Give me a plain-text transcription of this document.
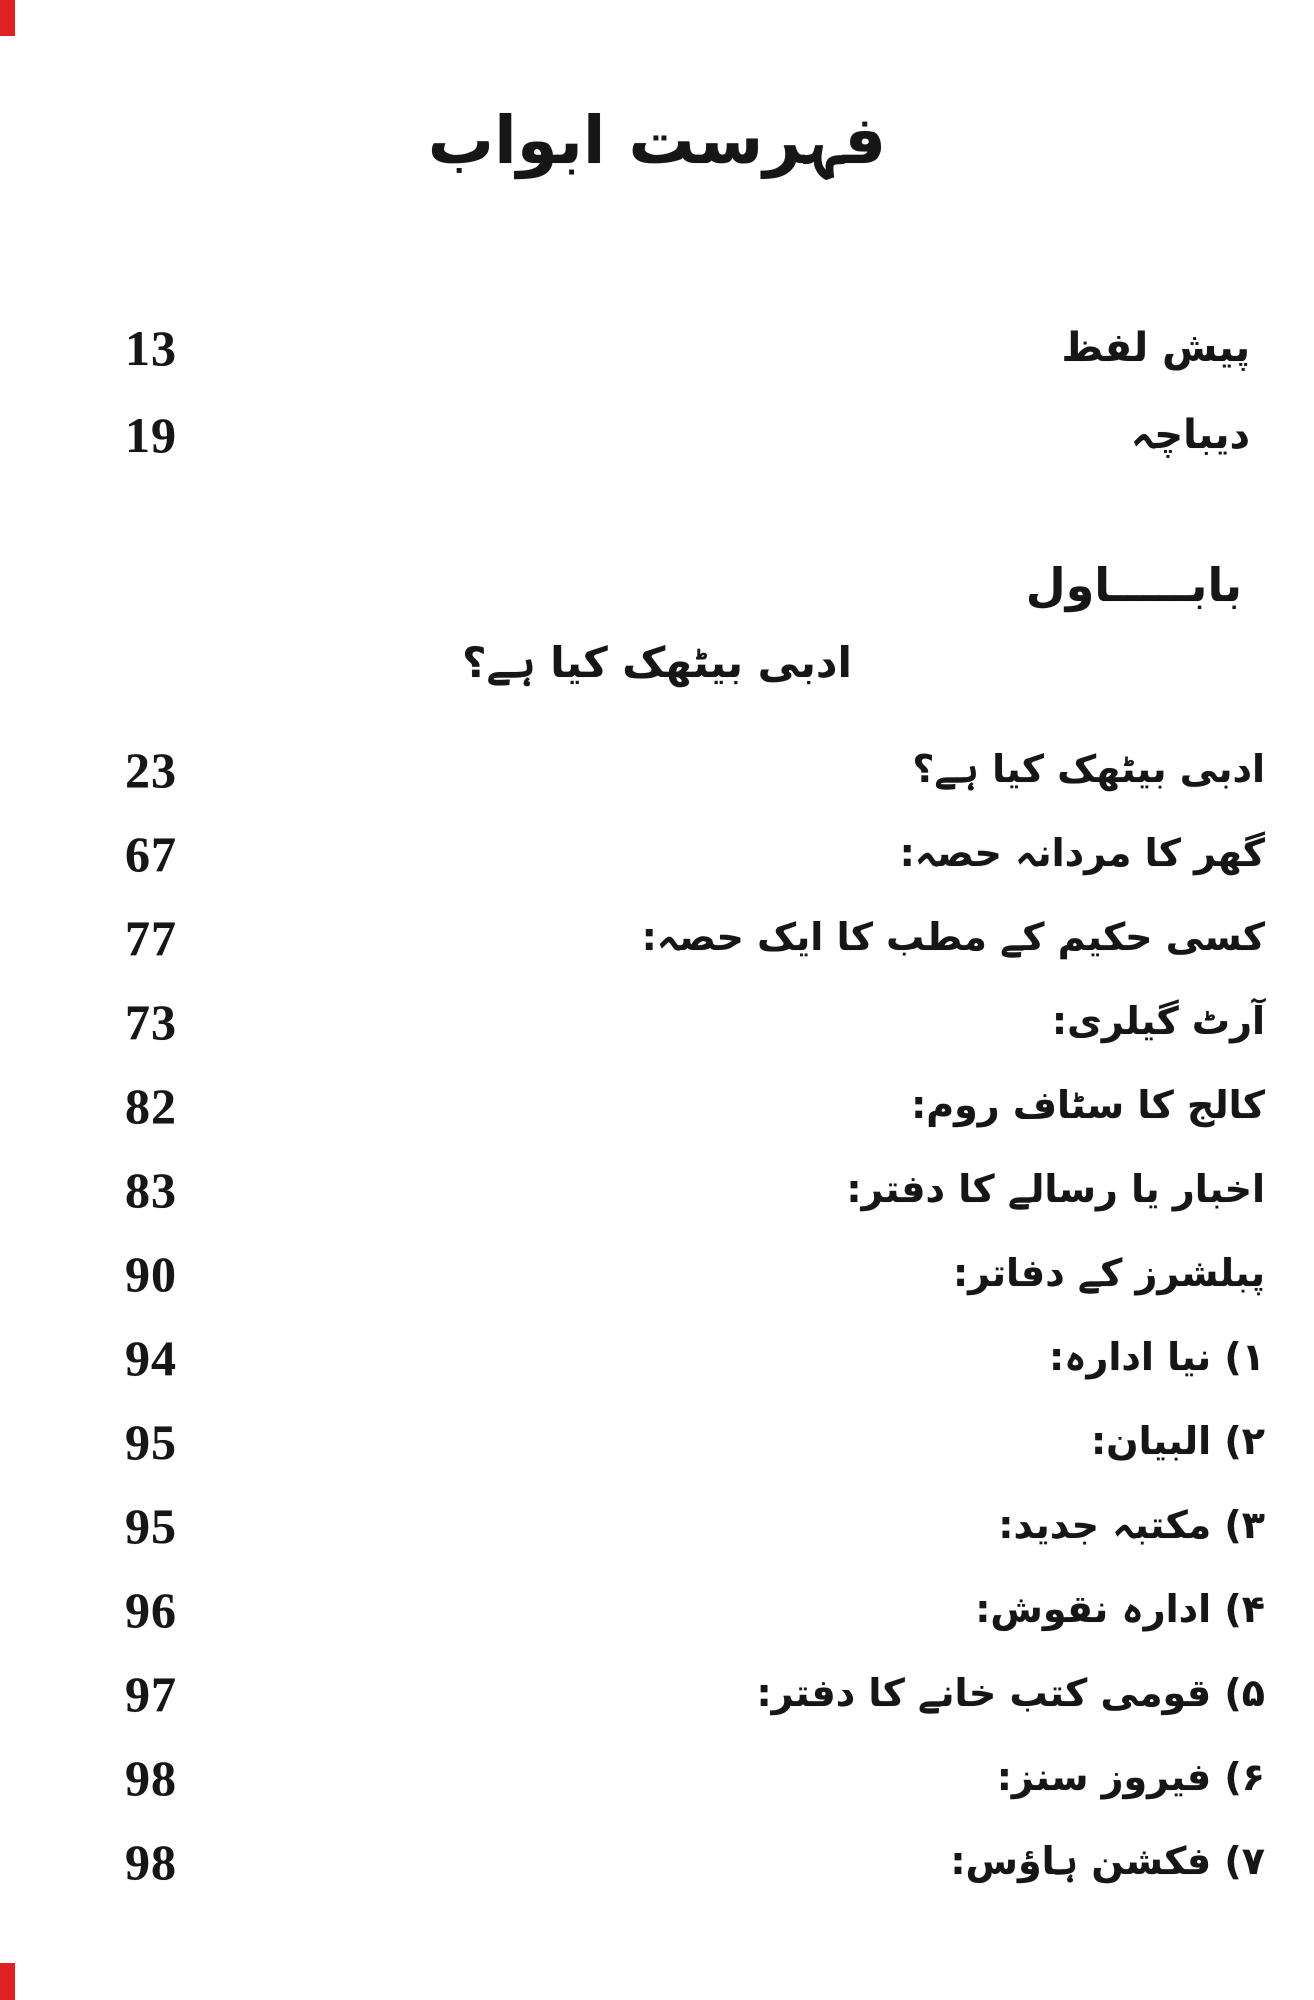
فہرست ابواب
13	پیش لفظ
19	دیباچہ
بابـــــاول
ادبی بیٹھک کیا ہے؟
23	ادبی بیٹھک کیا ہے؟
67	گھر کا مردانہ حصہ:
77	کسی حکیم کے مطب کا ایک حصہ:
73	آرٹ گیلری:
82	کالج کا سٹاف روم:
83	اخبار یا رسالے کا دفتر:
90	پبلشرز کے دفاتر:
94	۱) نیا ادارہ:
95	۲) البیان:
95	۳) مکتبہ جدید:
96	۴) ادارہ نقوش:
97	۵) قومی کتب خانے کا دفتر:
98	۶) فیروز سنز:
98	۷) فکشن ہاؤس:
